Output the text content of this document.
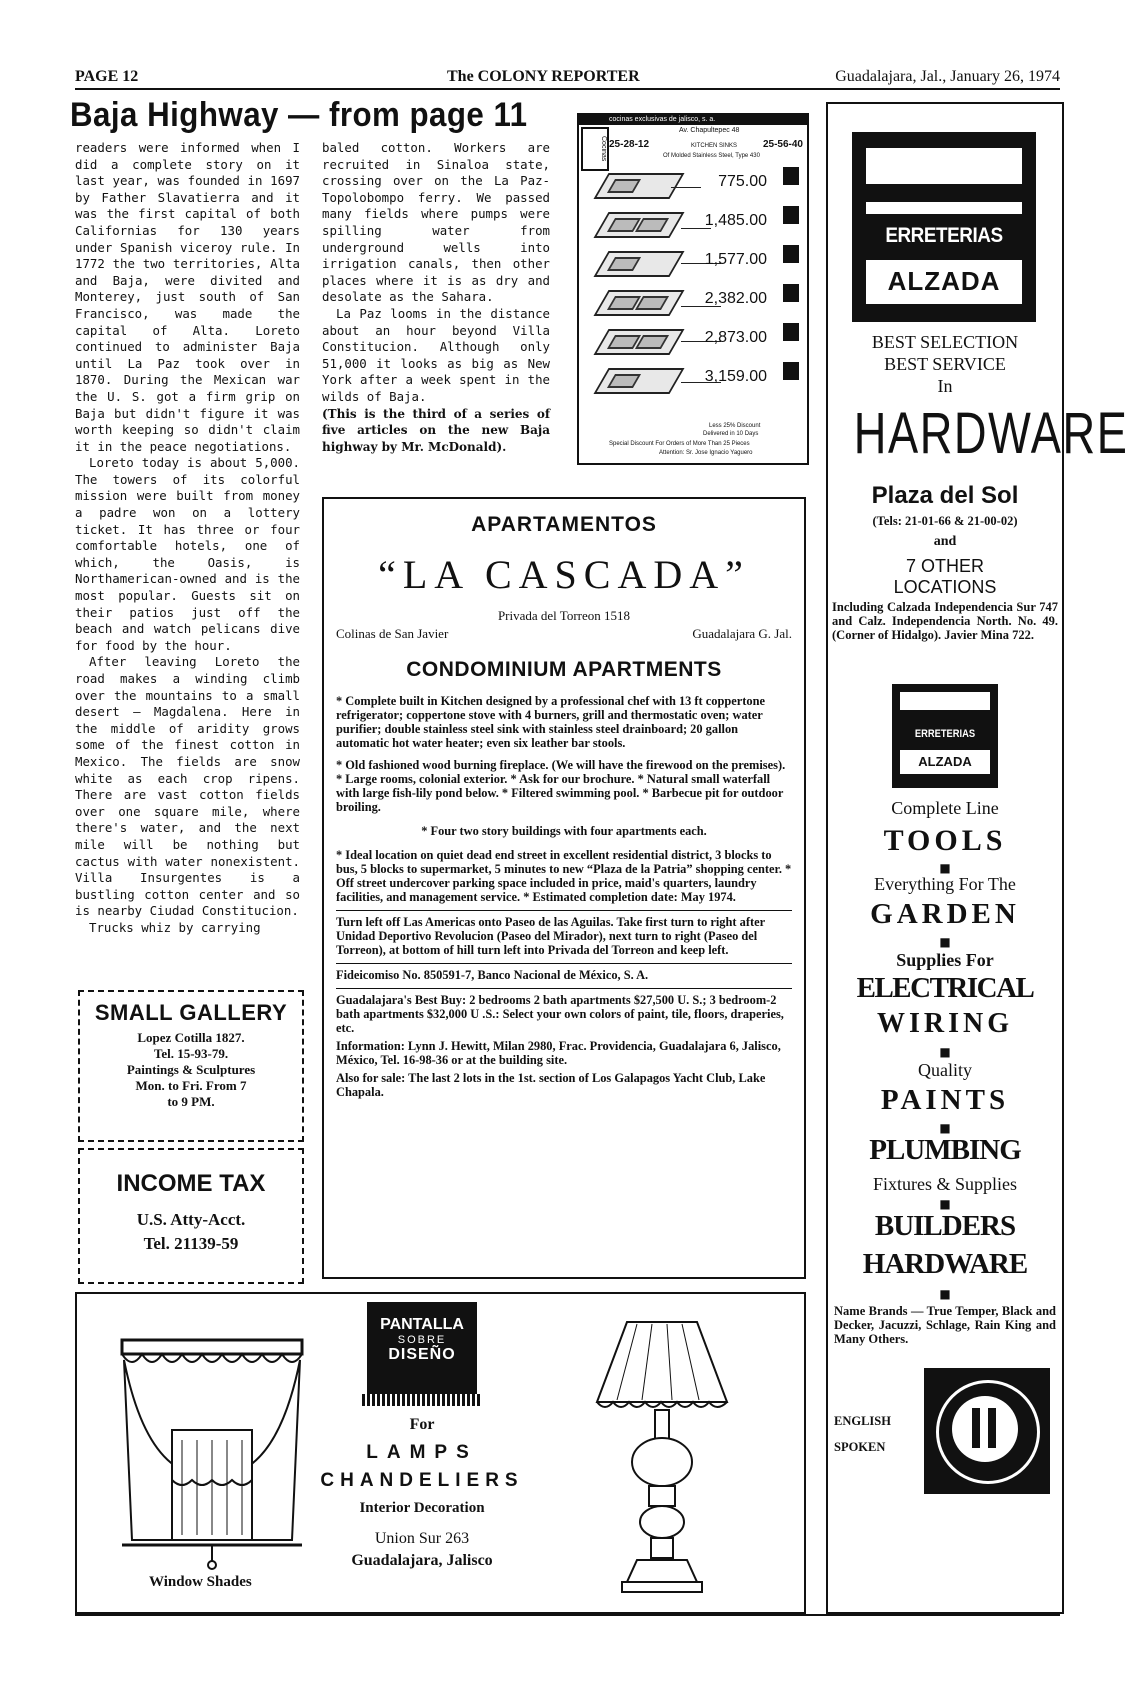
PAGE 12	The COLONY REPORTER	Guadalajara, Jal., January 26, 1974
Baja Highway — from page 11

readers were informed when I did a complete story on it last year, was founded in 1697 by Father Slavatierra and it was the first capital of both Californias for 130 years under Spanish viceroy rule. In 1772 the two territories, Alta and Baja, were divited and Monterey, just south of San Francisco, was made the capital of Alta. Loreto continued to administer Baja until La Paz took over in 1870. During the Mexican war the U. S. got a firm grip on Baja but didn't figure it was worth keeping so didn't claim it in the peace negotiations.

Loreto today is about 5,000. The towers of its colorful mission were built from money a padre won on a lottery ticket. It has three or four comfortable hotels, one of which, the Oasis, is Northamerican-owned and is the most popular. Guests sit on their patios just off the beach and watch pelicans dive for food by the hour.

After leaving Loreto the road makes a winding climb over the mountains to a small desert — Magdalena. Here in the middle of aridity grows some of the finest cotton in Mexico. The fields are snow white as each crop ripens. There are vast cotton fields over one square mile, where there's water, and the next mile will be nothing but cactus with water nonexistent. Villa Insurgentes is a bustling cotton center and so is nearby Ciudad Constitucion.

Trucks whiz by carrying

baled cotton. Workers are recruited in Sinaloa state, crossing over on the La Paz-Topolobompo ferry. We passed many fields where pumps were spilling water from underground wells into irrigation canals, then other places where it is as dry and desolate as the Sahara.

La Paz looms in the distance about an hour beyond Villa Constitucion. Although only 51,000 it looks as big as New York after a week spent in the wilds of Baja.

(This is the third of a series of five articles on the new Baja highway by Mr. McDonald).

cocinas exclusivas de jalisco, s. a.
Cocinas
Av. Chapultepec 48
25-28-12	KITCHEN SINKS	25-56-40
Of Molded Stainless Steel, Type 430
775.00
1,485.00
1,577.00
2,382.00
2,873.00
3,159.00
Less 25% Discount
Delivered in 10 Days
Special Discount For Orders of More Than 25 Pieces
Attention: Sr. Jose Ignacio Yaguero
SMALL GALLERY
Lopez Cotilla 1827.
Tel. 15-93-79.
Paintings & Sculptures
Mon. to Fri. From 7
to 9 PM.
INCOME TAX
U.S. Atty-Acct.
Tel. 21139-59
APARTAMENTOS
“LA CASCADA”
Privada del Torreon 1518
Colinas de San Javier	Guadalajara G. Jal.
CONDOMINIUM APARTMENTS

* Complete built in Kitchen designed by a professional chef with 13 ft coppertone refrigerator; coppertone stove with 4 burners, grill and thermostatic oven; water purifier; double stainless steel sink with stainless steel drainboard; 20 gallon automatic hot water heater; even six leather bar stools.

* Old fashioned wood burning fireplace. (We will have the firewood on the premises). * Large rooms, colonial exterior. * Ask for our brochure. * Natural small waterfall with large fish-lily pond below. * Filtered swimming pool. * Barbecue pit for outdoor broiling.

* Four two story buildings with four apartments each.

* Ideal location on quiet dead end street in excellent residential district, 3 blocks to bus, 5 blocks to supermarket, 5 minutes to new “Plaza de la Patria” shopping center. * Off street undercover parking space included in price, maid's quarters, laundry facilities, and management service. * Estimated completion date: May 1974.

Turn left off Las Americas onto Paseo de las Aguilas. Take first turn to right after Unidad Deportivo Revolucion (Paseo del Mirador), next turn to right (Paseo del Torreon), at bottom of hill turn left into Privada del Torreon and keep left.

Fideicomiso No. 850591-7, Banco Nacional de México, S. A.

Guadalajara's Best Buy: 2 bedrooms 2 bath apartments $27,500 U. S.; 3 bedroom-2 bath apartments $32,000 U .S.: Select your own colors of paint, tile, floors, draperies, etc.

Information: Lynn J. Hewitt, Milan 2980, Frac. Providencia, Guadalajara 6, Jalisco, México, Tel. 16-98-36 or at the building site.

Also for sale: The last 2 lots in the 1st. section of Los Galapagos Yacht Club, Lake Chapala.

Window Shades
PANTALLA
SOBRE
DISEÑO
For
LAMPS
CHANDELIERS
Interior Decoration
Union Sur 263
Guadalajara, Jalisco
ERRETERIAS
ALZADA
BEST SELECTION
BEST SERVICE
In
HARDWARE
Plaza del Sol
(Tels: 21-01-66 & 21-00-02)
and
7 OTHER
LOCATIONS
Including Calzada Independencia Sur 747 and Calz. Independencia North. No. 49. (Corner of Hidalgo). Javier Mina 722.
ERRETERIAS
ALZADA
Complete Line
TOOLS
■
Everything For The
GARDEN
■
Supplies For
ELECTRICAL
WIRING
■
Quality
PAINTS
■
PLUMBING
Fixtures & Supplies
■
BUILDERS
HARDWARE
■
Name Brands — True Temper, Black and Decker, Jacuzzi, Schlage, Rain King and Many Others.
ENGLISH
SPOKEN
